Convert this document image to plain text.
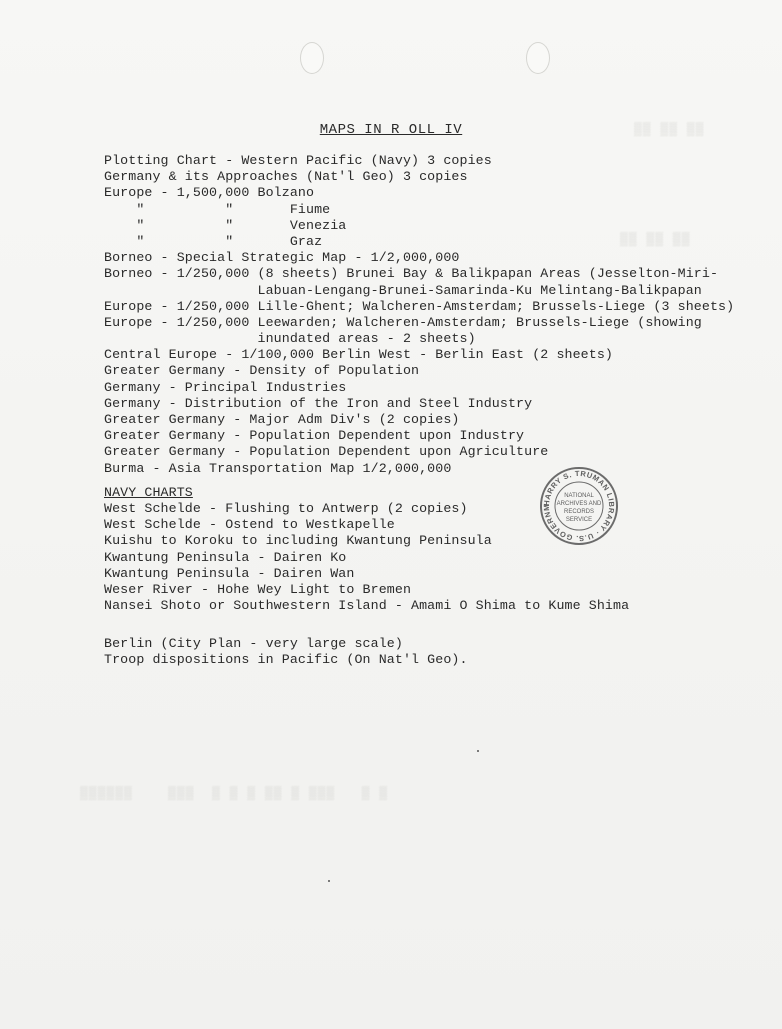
▒▒ ▒▒ ▒▒
▒▒ ▒▒ ▒▒
▒▒▒▒▒▒    ▒▒▒  ▒ ▒ ▒ ▒▒ ▒ ▒▒▒   ▒ ▒
MAPS IN R OLL IV
Plotting Chart - Western Pacific (Navy) 3 copies
Germany & its Approaches (Nat'l Geo) 3 copies
Europe - 1,500,000 Bolzano
"          "       Fiume
"          "       Venezia
"          "       Graz
Borneo - Special Strategic Map - 1/2,000,000
Borneo - 1/250,000 (8 sheets) Brunei Bay & Balikpapan Areas (Jesselton-Miri-
Labuan-Lengang-Brunei-Samarinda-Ku Melintang-Balikpapan
Europe - 1/250,000 Lille-Ghent; Walcheren-Amsterdam; Brussels-Liege (3 sheets)
Europe - 1/250,000 Leewarden; Walcheren-Amsterdam; Brussels-Liege (showing
inundated areas - 2 sheets)
Central Europe - 1/100,000 Berlin West - Berlin East (2 sheets)
Greater Germany - Density of Population
Germany - Principal Industries
Germany - Distribution of the Iron and Steel Industry
Greater Germany - Major Adm Div's (2 copies)
Greater Germany - Population Dependent upon Industry
Greater Germany - Population Dependent upon Agriculture
Burma - Asia Transportation Map 1/2,000,000
NAVY CHARTS
West Schelde - Flushing to Antwerp (2 copies)
West Schelde - Ostend to Westkapelle
Kuishu to Koroku to including Kwantung Peninsula
Kwantung Peninsula - Dairen Ko
Kwantung Peninsula - Dairen Wan
Weser River - Hohe Wey Light to Bremen
Nansei Shoto or Southwestern Island - Amami O Shima to Kume Shima
Berlin (City Plan - very large scale)
Troop dispositions in Pacific (On Nat'l Geo).
HARRY S. TRUMAN LIBRARY · U.S. GOVERNM
NATIONAL
ARCHIVES AND
RECORDS
SERVICE
